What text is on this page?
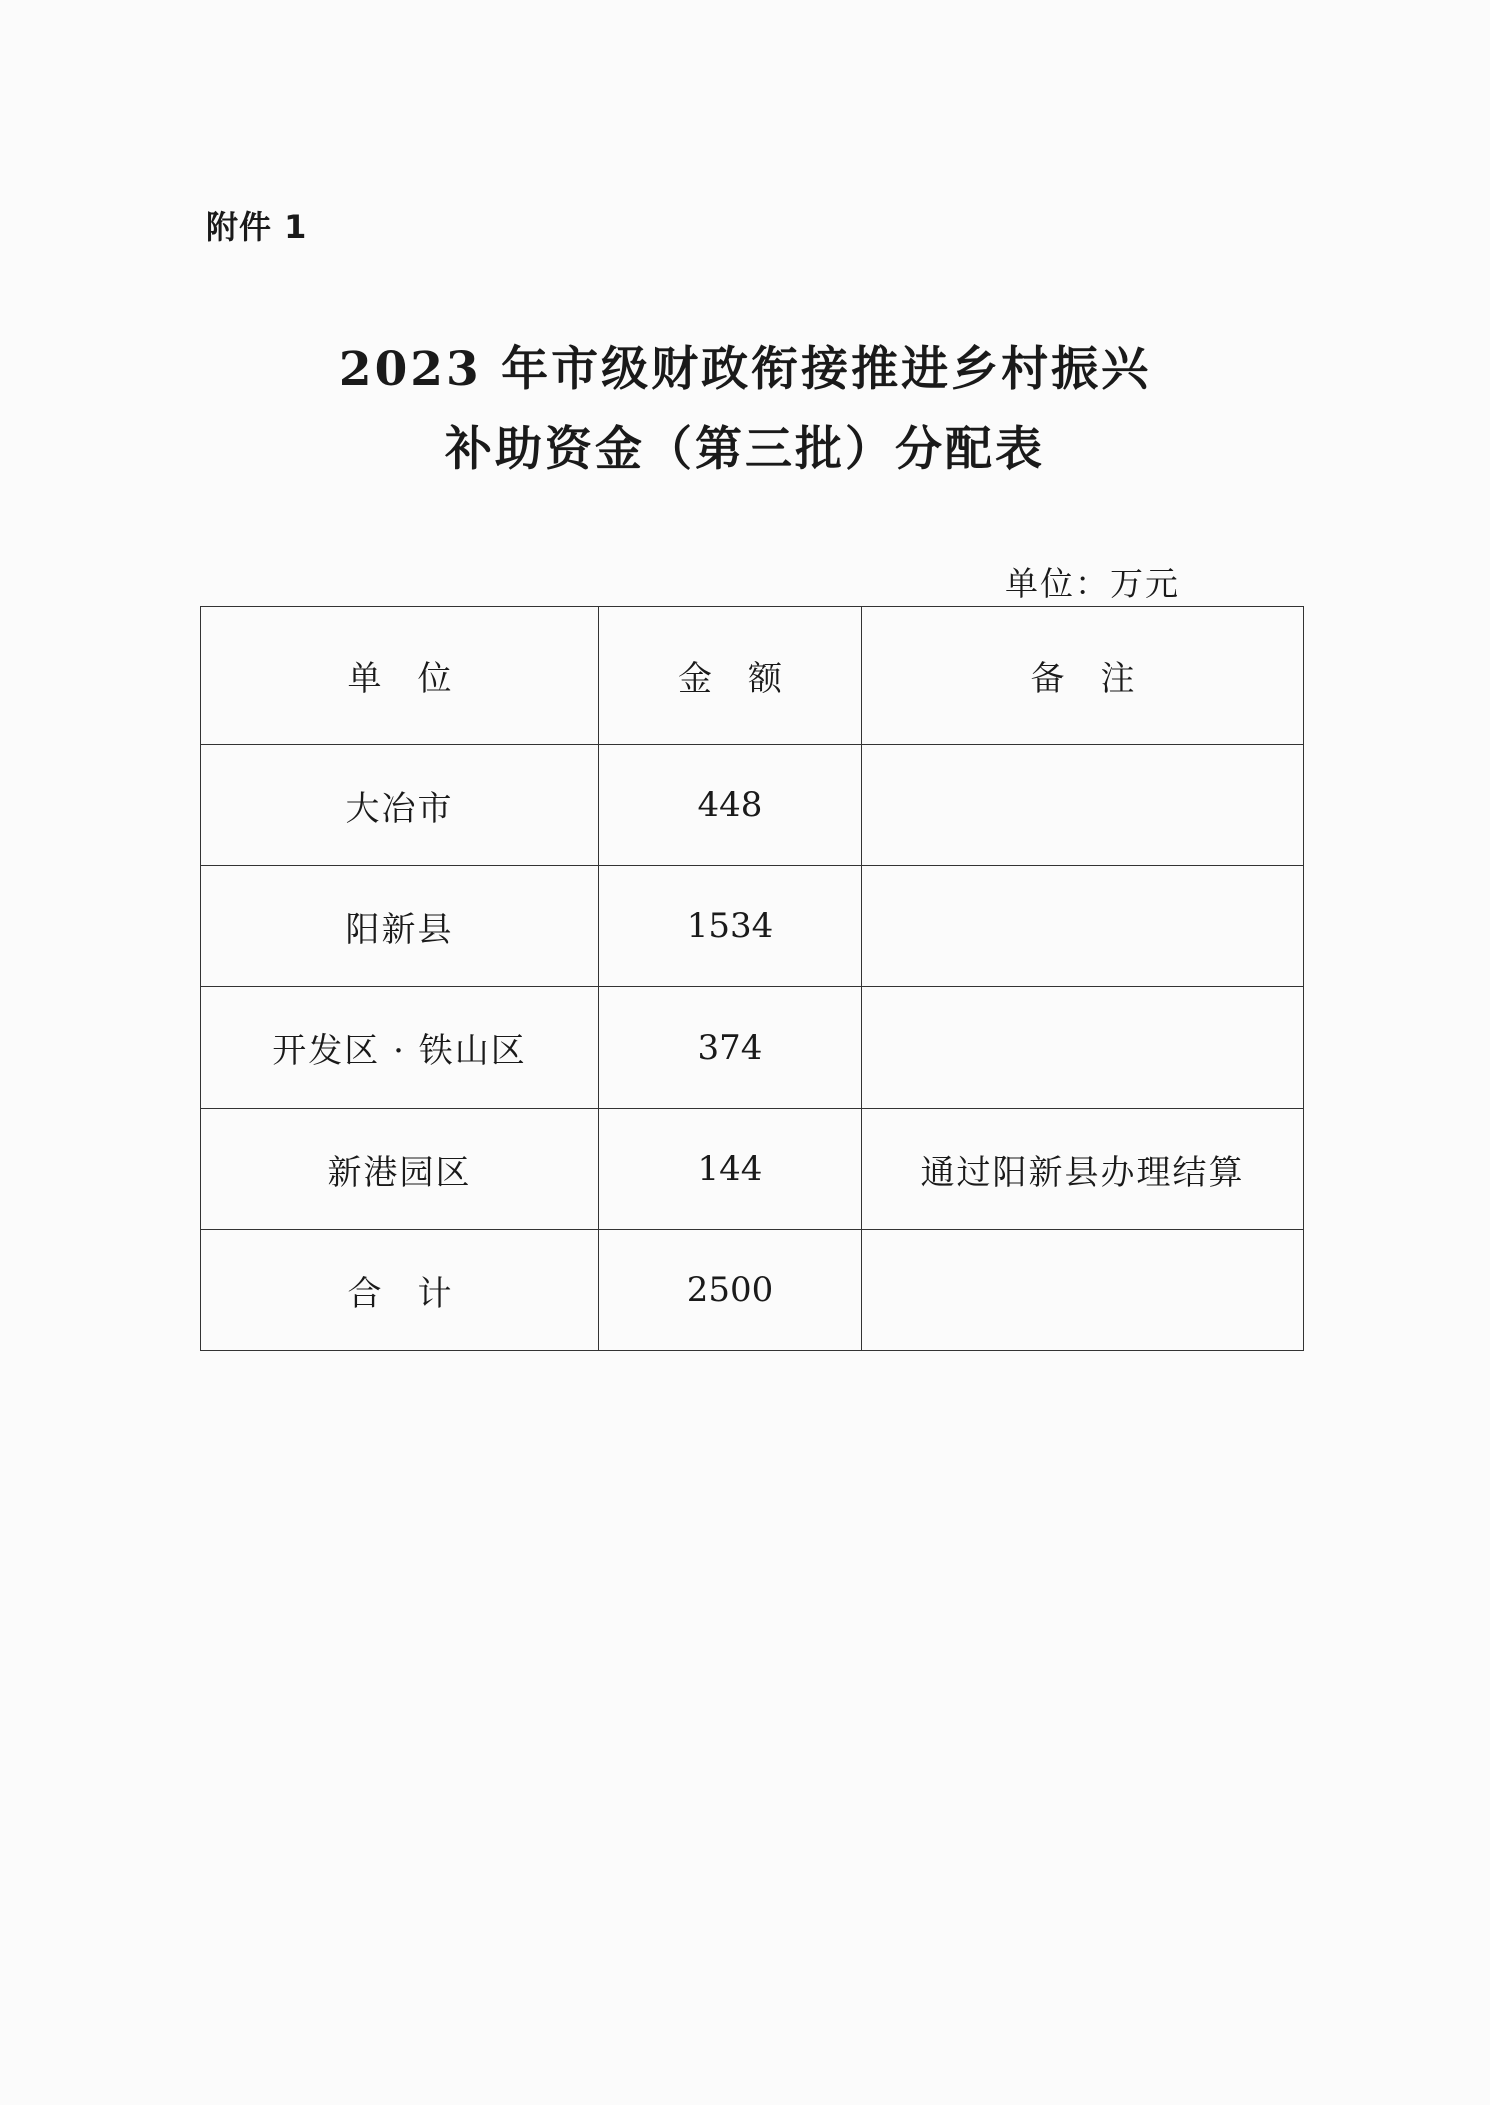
附件 1
2023 年市级财政衔接推进乡村振兴
补助资金（第三批）分配表
单位：万元
单位	金额	备注
大冶市	448	
阳新县	1534	
开发区 · 铁山区	374	
新港园区	144	通过阳新县办理结算
合计	2500	
